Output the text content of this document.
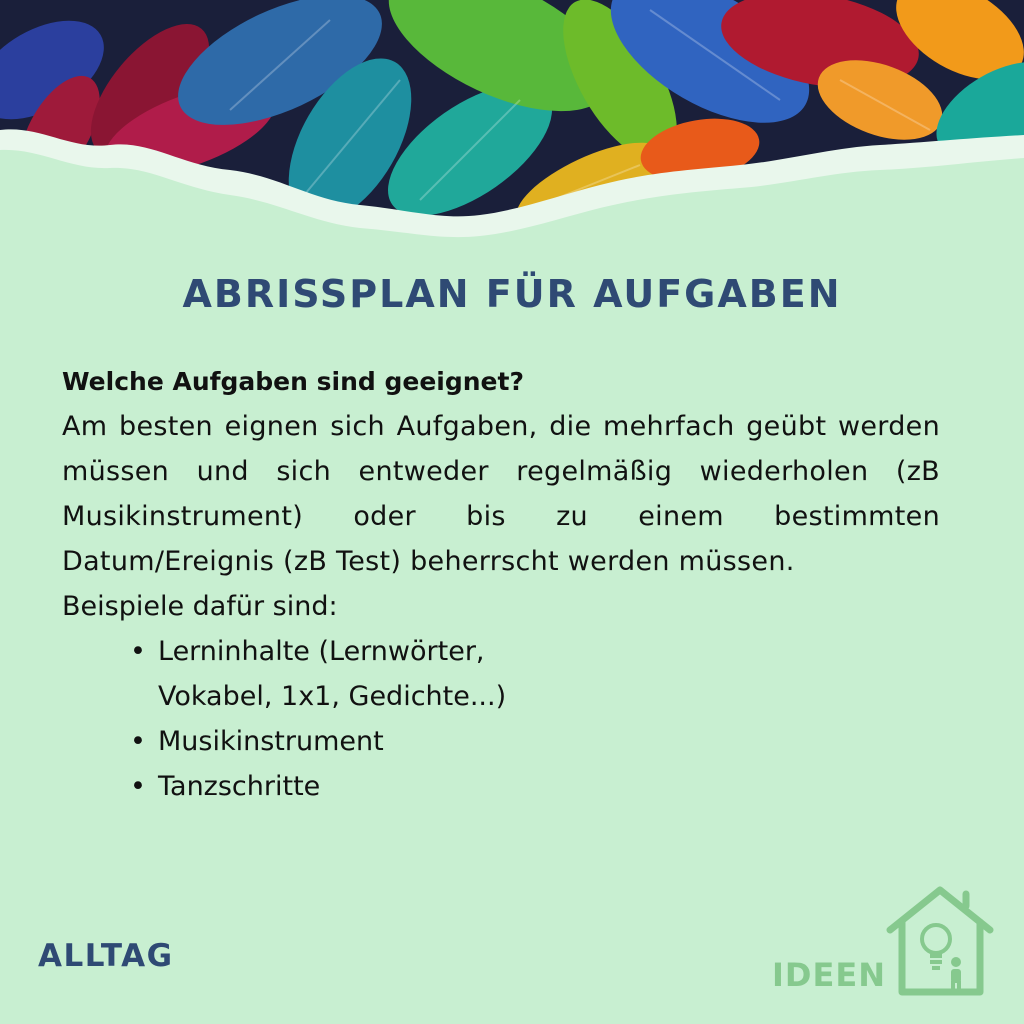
ABRISSPLAN FÜR AUFGABEN
Welche Aufgaben sind geeignet?
Am besten eignen sich Aufgaben, die mehrfach geübt werden müssen und sich entweder regelmäßig wiederholen (zB Musikinstrument) oder bis zu einem bestimmten Datum/Ereignis (zB Test) beherrscht werden müssen.
Beispiele dafür sind:
• Lerninhalte (Lernwörter, Vokabel, 1x1, Gedichte...)
• Musikinstrument
• Tanzschritte
ALLTAG	IDEEN
